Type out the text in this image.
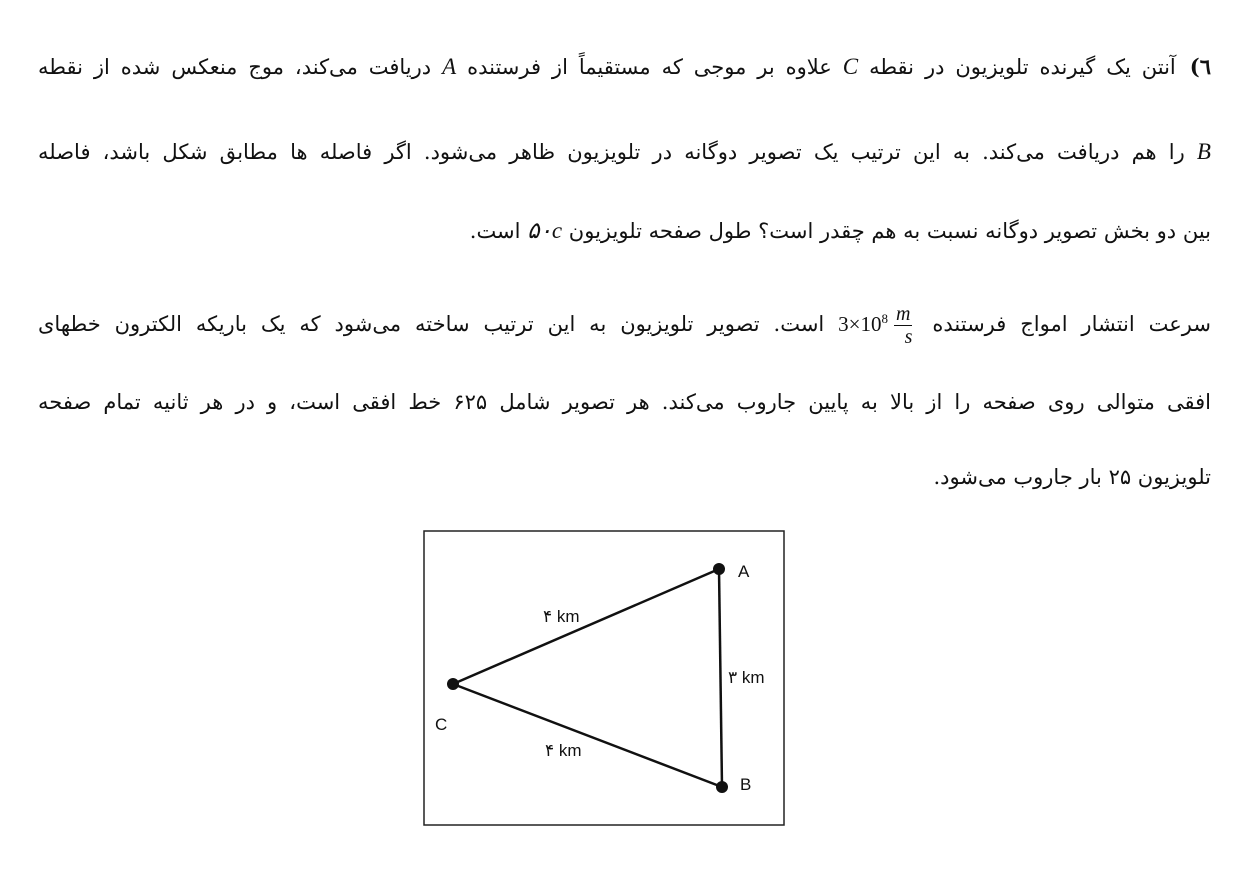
٦)آنتن یک گیرنده تلویزیون در نقطه C علاوه بر موجی که مستقیماً از فرستنده A دریافت می‌کند، موج منعکس شده از نقطه
B را هم دریافت می‌کند. به این ترتیب یک تصویر دوگانه در تلویزیون ظاهر می‌شود. اگر فاصله ها مطابق شکل باشد، فاصله
بین دو بخش تصویر دوگانه نسبت به هم چقدر است؟ طول صفحه تلویزیون ۵۰c است.
سرعت انتشار امواج فرستنده
$\frac{m}{s}$
$3\times 10^8$ است. تصویر تلویزیون به این ترتیب ساخته می‌شود که یک باریکه الکترون خطهای
افقی متوالی روی صفحه را از بالا به پایین جاروب می‌کند. هر تصویر شامل ۶۲۵ خط افقی است، و در هر ثانیه تمام صفحه
تلویزیون ۲۵ بار جاروب می‌شود.
A
B
C
۴ km
۳ km
۴ km
